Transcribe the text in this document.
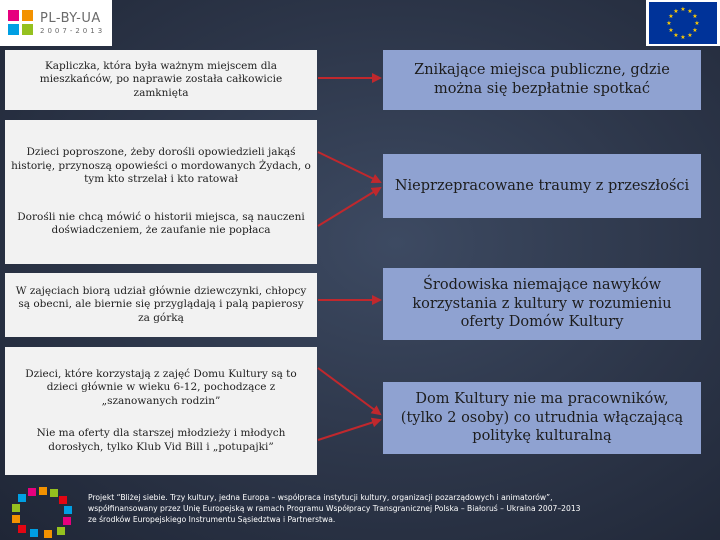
PL-BY-UA
2007-2013
★ ★
★
★
★
★
★
★
★
★
★
★
Kapliczka, która była ważnym miejscem dla mieszkańców, po naprawie została całkowicie zamknięta

Dzieci poproszone, żeby dorośli opowiedzieli jakąś historię, przynoszą opowieści o mordowanych Żydach, o tym kto strzelał i kto ratował

Dorośli nie chcą mówić o historii miejsca, są nauczeni doświadczeniem, że zaufanie nie popłaca

W zajęciach biorą udział głównie dziewczynki, chłopcy są obecni, ale biernie się przyglądają i palą papierosy za górką

Dzieci, które korzystają z zajęć Domu Kultury są to dzieci głównie w wieku 6-12, pochodzące z „szanowanych rodzin”

Nie ma oferty dla starszej młodzieży i młodych dorosłych, tylko Klub Vid Bill i „potupajki”

Znikające miejsca publiczne, gdzie można się bezpłatnie spotkać
Nieprzepracowane traumy z przeszłości
Środowiska niemające nawyków korzystania z kultury w rozumieniu oferty Domów Kultury
Dom Kultury nie ma pracowników, (tylko 2 osoby) co utrudnia włączającą politykę kulturalną
Projekt “Bliżej siebie. Trzy kultury, jedna Europa – współpraca instytucji kultury, organizacji pozarządowych i animatorów”,
współfinansowany przez Unię Europejską w ramach Programu Współpracy Transgranicznej Polska – Białoruś – Ukraina 2007–2013
ze środków Europejskiego Instrumentu Sąsiedztwa i Partnerstwa.
